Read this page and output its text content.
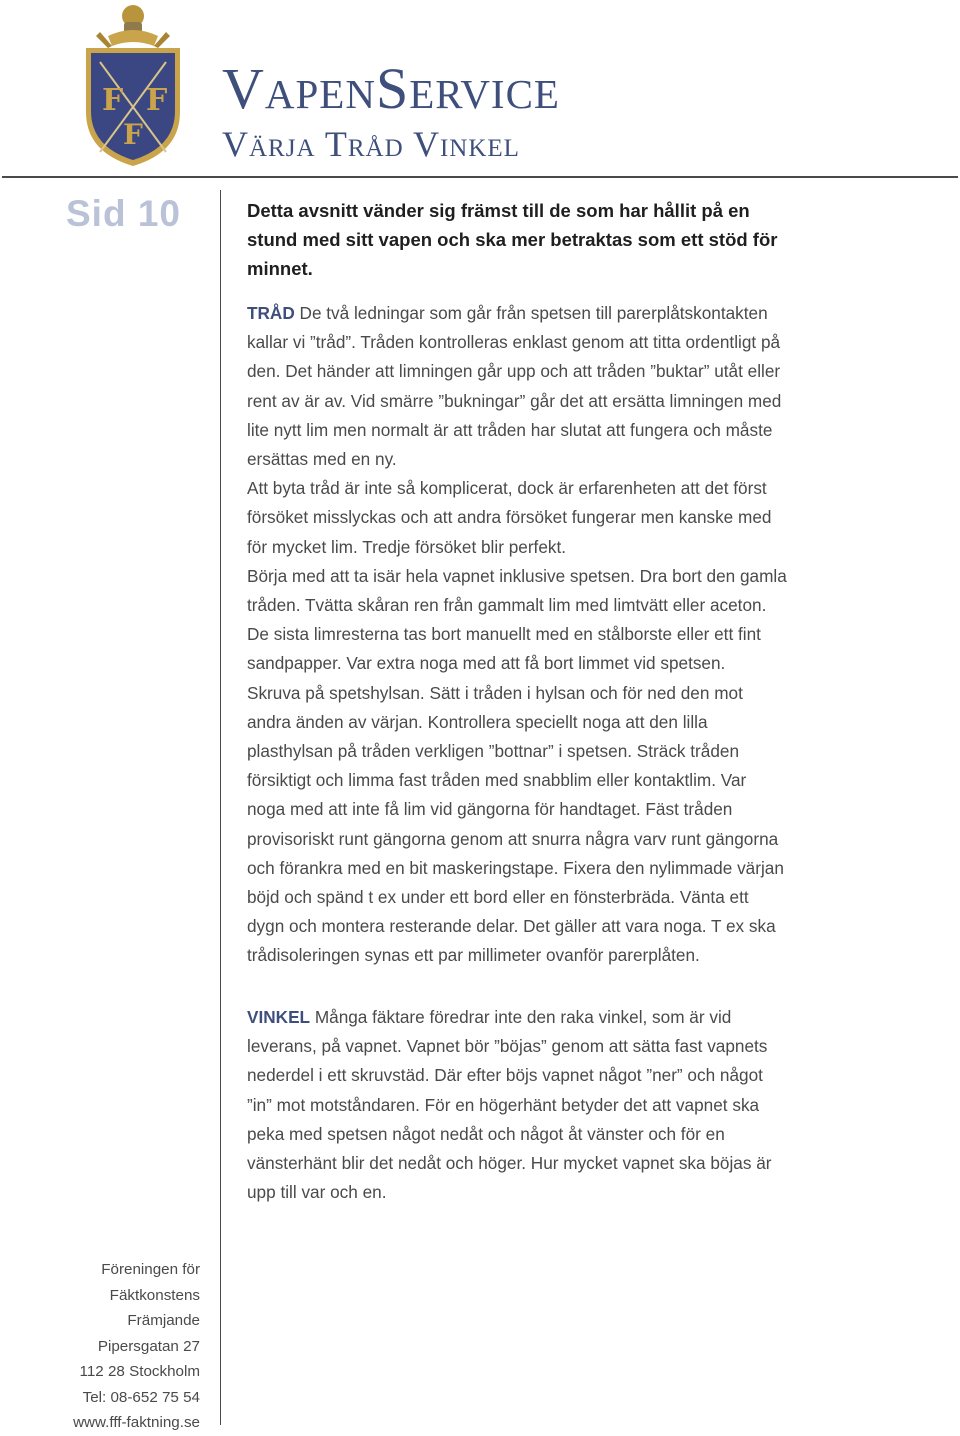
F F
F
VapenService
Värja Tråd Vinkel
Sid 10	Detta avsnitt vänder sig främst till de som har hållit på en stund med sitt vapen och ska mer betraktas som ett stöd för minnet.

TRÅD De två ledningar som går från spetsen till parerplåtskontakten kallar vi ”tråd”. Tråden kontrolleras enklast genom att titta ordentligt på den. Det händer att limningen går upp och att tråden ”buktar” utåt eller rent av är av. Vid smärre ”bukningar” går det att ersätta limningen med lite nytt lim men normalt är att tråden har slutat att fungera och måste ersättas med en ny.

Att byta tråd är inte så komplicerat, dock är erfarenheten att det först försöket misslyckas och att andra försöket fungerar men kanske med för mycket lim. Tredje försöket blir perfekt.

Börja med att ta isär hela vapnet inklusive spetsen. Dra bort den gamla tråden. Tvätta skåran ren från gammalt lim med limtvätt eller aceton. De sista limresterna tas bort manuellt med en stålborste eller ett fint sandpapper. Var extra noga med att få bort limmet vid spetsen.

Skruva på spetshylsan. Sätt i tråden i hylsan och för ned den mot andra änden av värjan. Kontrollera speciellt noga att den lilla plasthylsan på tråden verkligen ”bottnar” i spetsen. Sträck tråden försiktigt och limma fast tråden med snabblim eller kontaktlim. Var noga med att inte få lim vid gängorna för handtaget. Fäst tråden provisoriskt runt gängorna genom att snurra några varv runt gängorna och förankra med en bit maskeringstape. Fixera den nylimmade värjan böjd och spänd t ex under ett bord eller en fönsterbräda. Vänta ett dygn och montera resterande delar. Det gäller att vara noga. T ex ska trådisoleringen synas ett par millimeter ovanför parerplåten.

VINKEL Många fäktare föredrar inte den raka vinkel, som är vid leverans, på vapnet. Vapnet bör ”böjas” genom att sätta fast vapnets nederdel i ett skruvstäd. Där efter böjs vapnet något ”ner” och något ”in” mot motståndaren. För en högerhänt betyder det att vapnet ska peka med spetsen något nedåt och något åt vänster och för en vänsterhänt blir det nedåt och höger. Hur mycket vapnet ska böjas är upp till var och en.

Föreningen för
Fäktkonstens
Främjande
Pipersgatan 27
112 28 Stockholm
Tel: 08-652 75 54
www.fff-faktning.se
